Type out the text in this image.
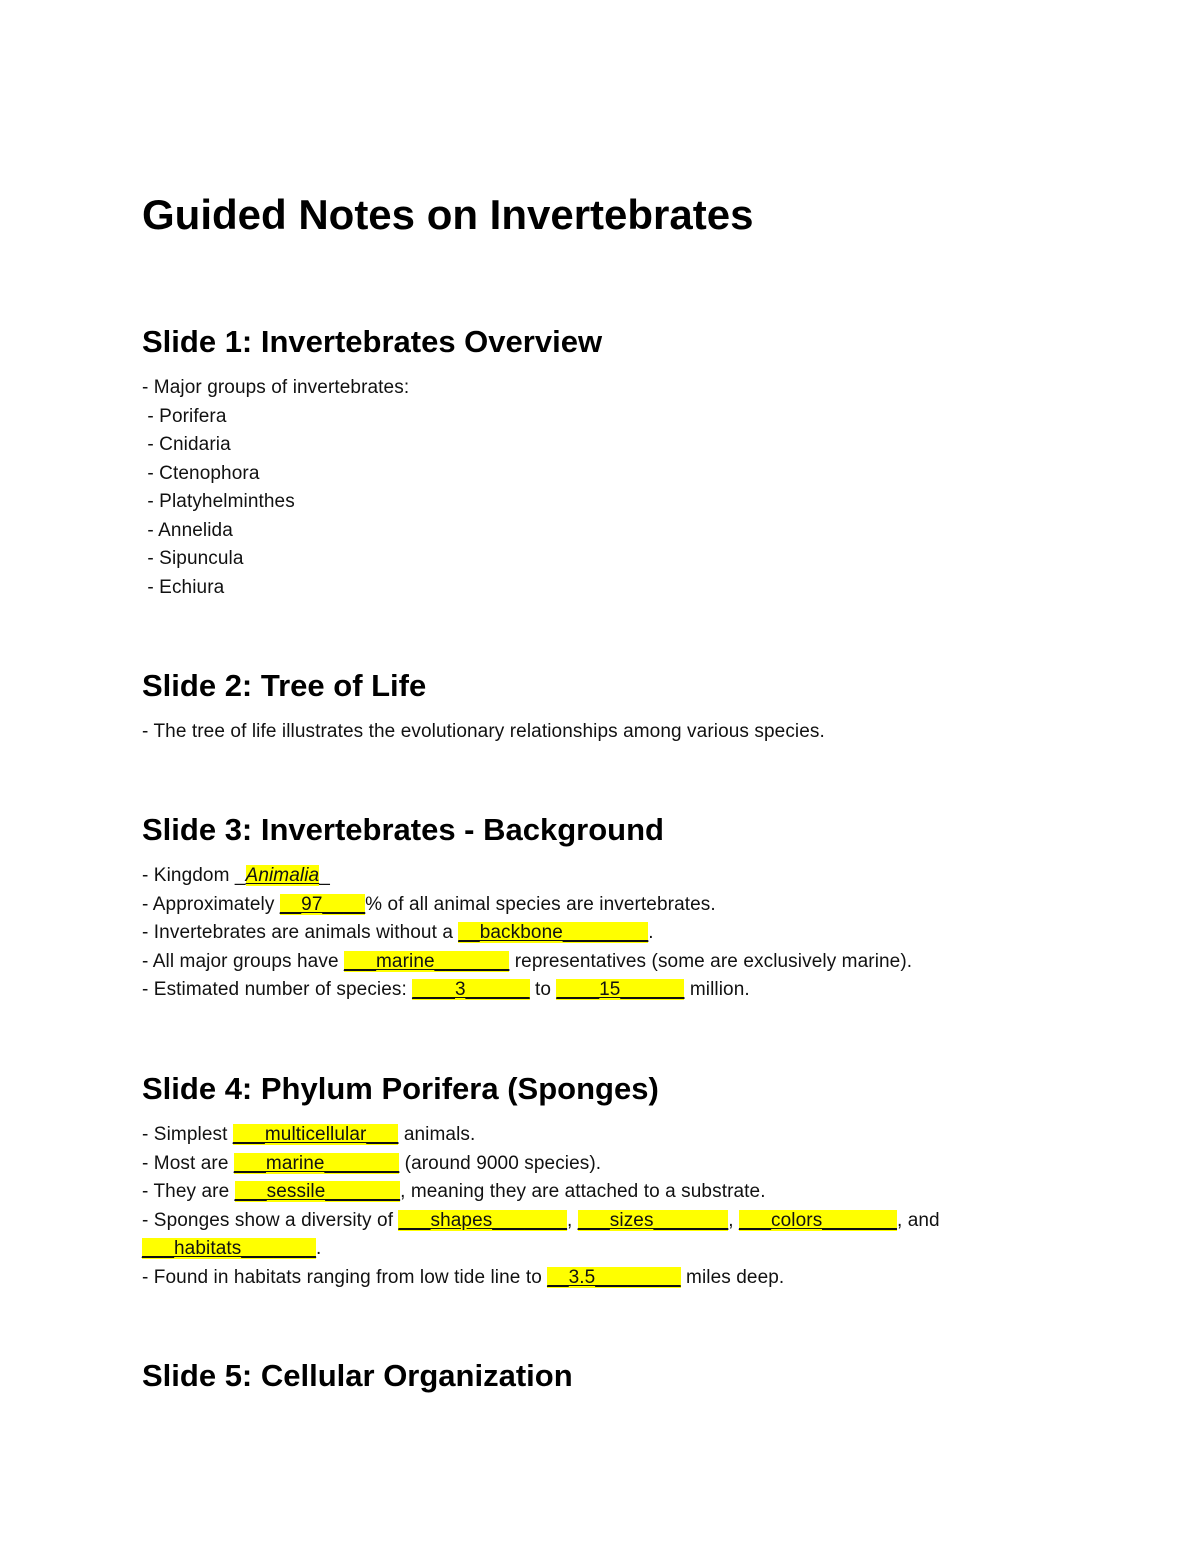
Guided Notes on Invertebrates
Slide 1: Invertebrates Overview
- Major groups of invertebrates:
- Porifera
- Cnidaria
- Ctenophora
- Platyhelminthes
- Annelida
- Sipuncula
- Echiura
Slide 2: Tree of Life
- The tree of life illustrates the evolutionary relationships among various species.
Slide 3: Invertebrates - Background
- Kingdom _Animalia_
- Approximately __97____% of all animal species are invertebrates.
- Invertebrates are animals without a __backbone________.
- All major groups have ___marine_______ representatives (some are exclusively marine).
- Estimated number of species: ____3______ to ____15______ million.
Slide 4: Phylum Porifera (Sponges)
- Simplest ___multicellular___ animals.
- Most are ___marine_______ (around 9000 species).
- They are ___sessile_______, meaning they are attached to a substrate.
- Sponges show a diversity of ___shapes_______, ___sizes_______, ___colors_______, and
___habitats_______.
- Found in habitats ranging from low tide line to __3.5________ miles deep.
Slide 5: Cellular Organization
